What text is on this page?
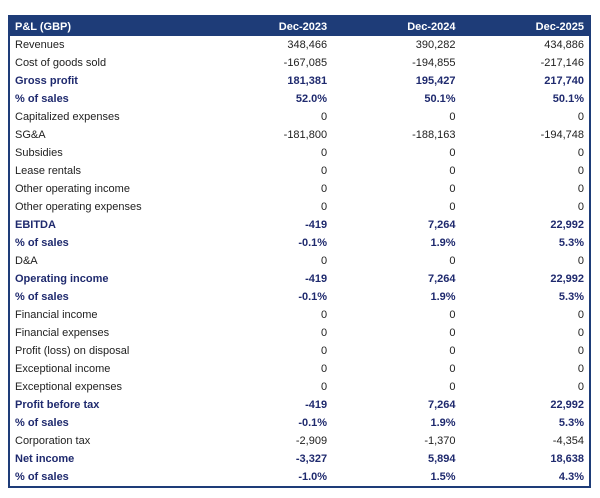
P&L (GBP)	Dec-2023	Dec-2024	Dec-2025
Revenues	348,466	390,282	434,886
Cost of goods sold	-167,085	-194,855	-217,146
Gross profit	181,381	195,427	217,740
% of sales	52.0%	50.1%	50.1%
Capitalized expenses	0	0	0
SG&A	-181,800	-188,163	-194,748
Subsidies	0	0	0
Lease rentals	0	0	0
Other operating income	0	0	0
Other operating expenses	0	0	0
EBITDA	-419	7,264	22,992
% of sales	-0.1%	1.9%	5.3%
D&A	0	0	0
Operating income	-419	7,264	22,992
% of sales	-0.1%	1.9%	5.3%
Financial income	0	0	0
Financial expenses	0	0	0
Profit (loss) on disposal	0	0	0
Exceptional income	0	0	0
Exceptional expenses	0	0	0
Profit before tax	-419	7,264	22,992
% of sales	-0.1%	1.9%	5.3%
Corporation tax	-2,909	-1,370	-4,354
Net income	-3,327	5,894	18,638
% of sales	-1.0%	1.5%	4.3%
